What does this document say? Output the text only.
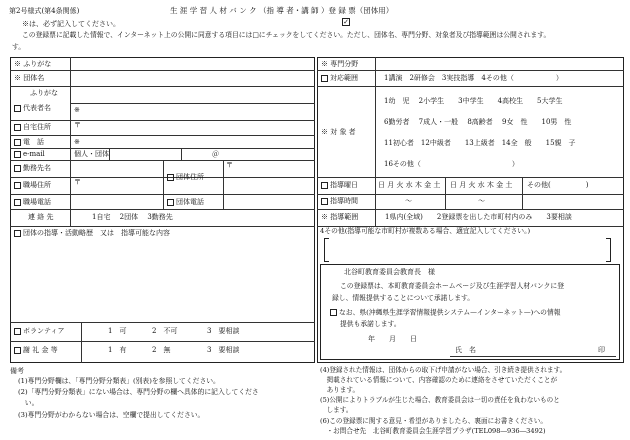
第2号様式(第4条関係)	生 涯 学 習 人 材 バ ン ク （指 導 者・講 師 ）登 録 票（団体用）
※は、必ず記入してください。	✓
この登録票に記載した情報で、インターネット上の公開に同意する項目には□にチェックをしてください。ただし、団体名、専門分野、対象者及び指導範囲は公開されます。
す。
※ ふりがな
※ 団体名
ふりがな
代表者名	※
自宅住所	〒
電　話	※
e-mail	個人・団体	＠
勤務先名
団体住所
〒
職場住所	〒
職場電話	団体電話
連 絡 先	1自宅　 2団体　 3勤務先
団体の指導・活動略歴　又は　指導可能な内容
ボランティア	1　可	2　不可	3　要相談
謝 礼 金 等	1　有	2　無	3　要相談
※ 専門分野
対応範囲	1講演　2研修会　3実技指導　4その他（　　　　　　）
※ 対 象 者
1幼　児　 2小学生　　3中学生　　4高校生　　5大学生
6勤労者　 7成人・一般　 8高齢者　 9女　性　　10男　性
11初心者　12中級者　　13上級者　14全　般　　15親　子
16その他（　　　　　　　　　　　　　）
指導曜日	日 月 火 水 木 金 土 日 月 火 水 木 金 土 その他(　　　　　)
指導時間	〜	〜
※ 指導範囲	1県内(全域)　　2登録票を出した市町村内のみ　　3要相談
4その他(指導可能な市町村が複数ある場合、適宜記入してください。)
北谷町教育委員会教育長　様
この登録票は、本町教育委員会ホームページ及び生涯学習人材バンクに登
録し、情報提供することについて承諾します。
なお、県(沖縄県生涯学習情報提供システム—インターネット—)への情報
提供も承諾します。
年　　月　　日
氏　名	印
備考
(1)専門分野欄は、「専門分野分類表」(別表)を参照してください。
(2)「専門分野分類表」にない場合は、専門分野の欄へ具体的に記入してくださ
　い。
(3)専門分野がわからない場合は、空欄で提出してください。
(4)登録された情報は、団体からの取下げ申請がない場合、引き続き提供されます。
　掲載されている情報について、内容確認のために連絡をさせていただくことが
　あります。
(5)公開によりトラブルが生じた場合、教育委員会は一切の責任を負わないものと
　します。
(6)この登録票に関する意見・希望がありましたら、裏面にお書きください。
　・お問合せ先　北谷町教育委員会生涯学習プラザ(TEL098―936―3492)
